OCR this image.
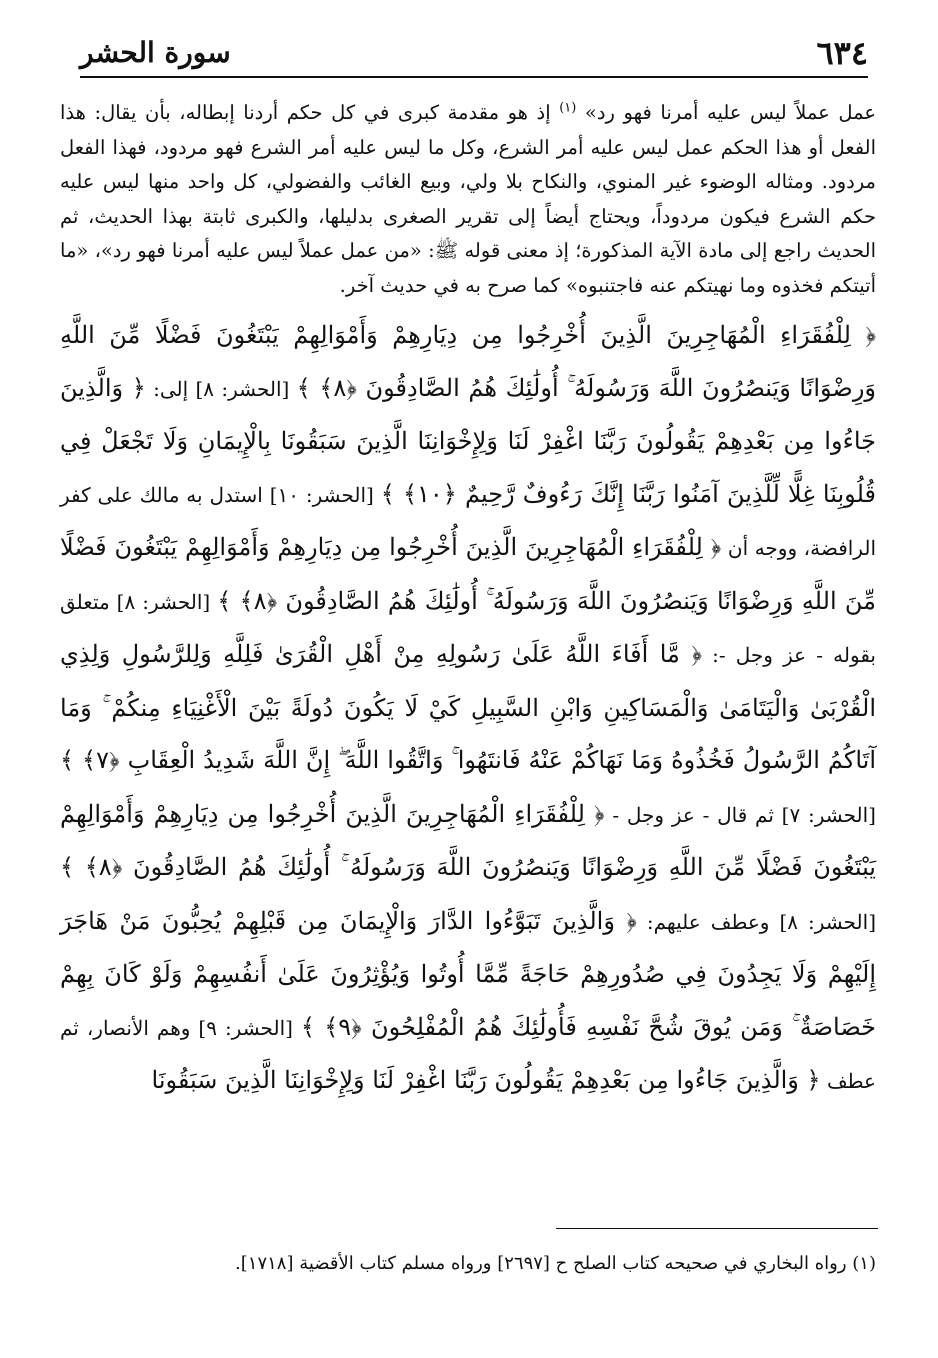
٦٣٤
سورة الحشر

عمل عملاً ليس عليه أمرنا فهو رد» $^{(١)}$ إذ هو مقدمة كبرى في كل حكم أردنا إبطاله، بأن يقال: هذا الفعل أو هذا الحكم عمل ليس عليه أمر الشرع، وكل ما ليس عليه أمر الشرع فهو مردود، فهذا الفعل مردود. ومثاله الوضوء غير المنوي، والنكاح بلا ولي، وبيع الغائب والفضولي، كل واحد منها ليس عليه حكم الشرع فيكون مردوداً، ويحتاج أيضاً إلى تقرير الصغرى بدليلها، والكبرى ثابتة بهذا الحديث، ثم الحديث راجع إلى مادة الآية المذكورة؛ إذ معنى قوله ﷺ: «من عمل عملاً ليس عليه أمرنا فهو رد»، «ما أتيتكم فخذوه وما نهيتكم عنه فاجتنبوه» كما صرح به في حديث آخر.

﴿ لِلْفُقَرَاءِ الْمُهَاجِرِينَ الَّذِينَ أُخْرِجُوا مِن دِيَارِهِمْ وَأَمْوَالِهِمْ يَبْتَغُونَ فَضْلًا مِّنَ اللَّهِ وَرِضْوَانًا وَيَنصُرُونَ اللَّهَ وَرَسُولَهُ ۚ أُولَٰئِكَ هُمُ الصَّادِقُونَ ﴿٨﴾ ﴾ [الحشر: ٨] إلى: ﴿ وَالَّذِينَ جَاءُوا مِن بَعْدِهِمْ يَقُولُونَ رَبَّنَا اغْفِرْ لَنَا وَلِإِخْوَانِنَا الَّذِينَ سَبَقُونَا بِالْإِيمَانِ وَلَا تَجْعَلْ فِي قُلُوبِنَا غِلًّا لِّلَّذِينَ آمَنُوا رَبَّنَا إِنَّكَ رَءُوفٌ رَّحِيمٌ ﴿١٠﴾ ﴾ [الحشر: ١٠] استدل به مالك على كفر الرافضة، ووجه أن ﴿ لِلْفُقَرَاءِ الْمُهَاجِرِينَ الَّذِينَ أُخْرِجُوا مِن دِيَارِهِمْ وَأَمْوَالِهِمْ يَبْتَغُونَ فَضْلًا مِّنَ اللَّهِ وَرِضْوَانًا وَيَنصُرُونَ اللَّهَ وَرَسُولَهُ ۚ أُولَٰئِكَ هُمُ الصَّادِقُونَ ﴿٨﴾ ﴾ [الحشر: ٨] متعلق بقوله - عز وجل -: ﴿ مَّا أَفَاءَ اللَّهُ عَلَىٰ رَسُولِهِ مِنْ أَهْلِ الْقُرَىٰ فَلِلَّهِ وَلِلرَّسُولِ وَلِذِي الْقُرْبَىٰ وَالْيَتَامَىٰ وَالْمَسَاكِينِ وَابْنِ السَّبِيلِ كَيْ لَا يَكُونَ دُولَةً بَيْنَ الْأَغْنِيَاءِ مِنكُمْ ۚ وَمَا آتَاكُمُ الرَّسُولُ فَخُذُوهُ وَمَا نَهَاكُمْ عَنْهُ فَانتَهُوا ۚ وَاتَّقُوا اللَّهَ ۖ إِنَّ اللَّهَ شَدِيدُ الْعِقَابِ ﴿٧﴾ ﴾ [الحشر: ٧] ثم قال - عز وجل - ﴿ لِلْفُقَرَاءِ الْمُهَاجِرِينَ الَّذِينَ أُخْرِجُوا مِن دِيَارِهِمْ وَأَمْوَالِهِمْ يَبْتَغُونَ فَضْلًا مِّنَ اللَّهِ وَرِضْوَانًا وَيَنصُرُونَ اللَّهَ وَرَسُولَهُ ۚ أُولَٰئِكَ هُمُ الصَّادِقُونَ ﴿٨﴾ ﴾ [الحشر: ٨] وعطف عليهم: ﴿ وَالَّذِينَ تَبَوَّءُوا الدَّارَ وَالْإِيمَانَ مِن قَبْلِهِمْ يُحِبُّونَ مَنْ هَاجَرَ إِلَيْهِمْ وَلَا يَجِدُونَ فِي صُدُورِهِمْ حَاجَةً مِّمَّا أُوتُوا وَيُؤْثِرُونَ عَلَىٰ أَنفُسِهِمْ وَلَوْ كَانَ بِهِمْ خَصَاصَةٌ ۚ وَمَن يُوقَ شُحَّ نَفْسِهِ فَأُولَٰئِكَ هُمُ الْمُفْلِحُونَ ﴿٩﴾ ﴾ [الحشر: ٩] وهم الأنصار، ثم عطف ﴿ وَالَّذِينَ جَاءُوا مِن بَعْدِهِمْ يَقُولُونَ رَبَّنَا اغْفِرْ لَنَا وَلِإِخْوَانِنَا الَّذِينَ سَبَقُونَا

(١) رواه البخاري في صحيحه كتاب الصلح ح [٢٦٩٧] ورواه مسلم كتاب الأقضية [١٧١٨].
